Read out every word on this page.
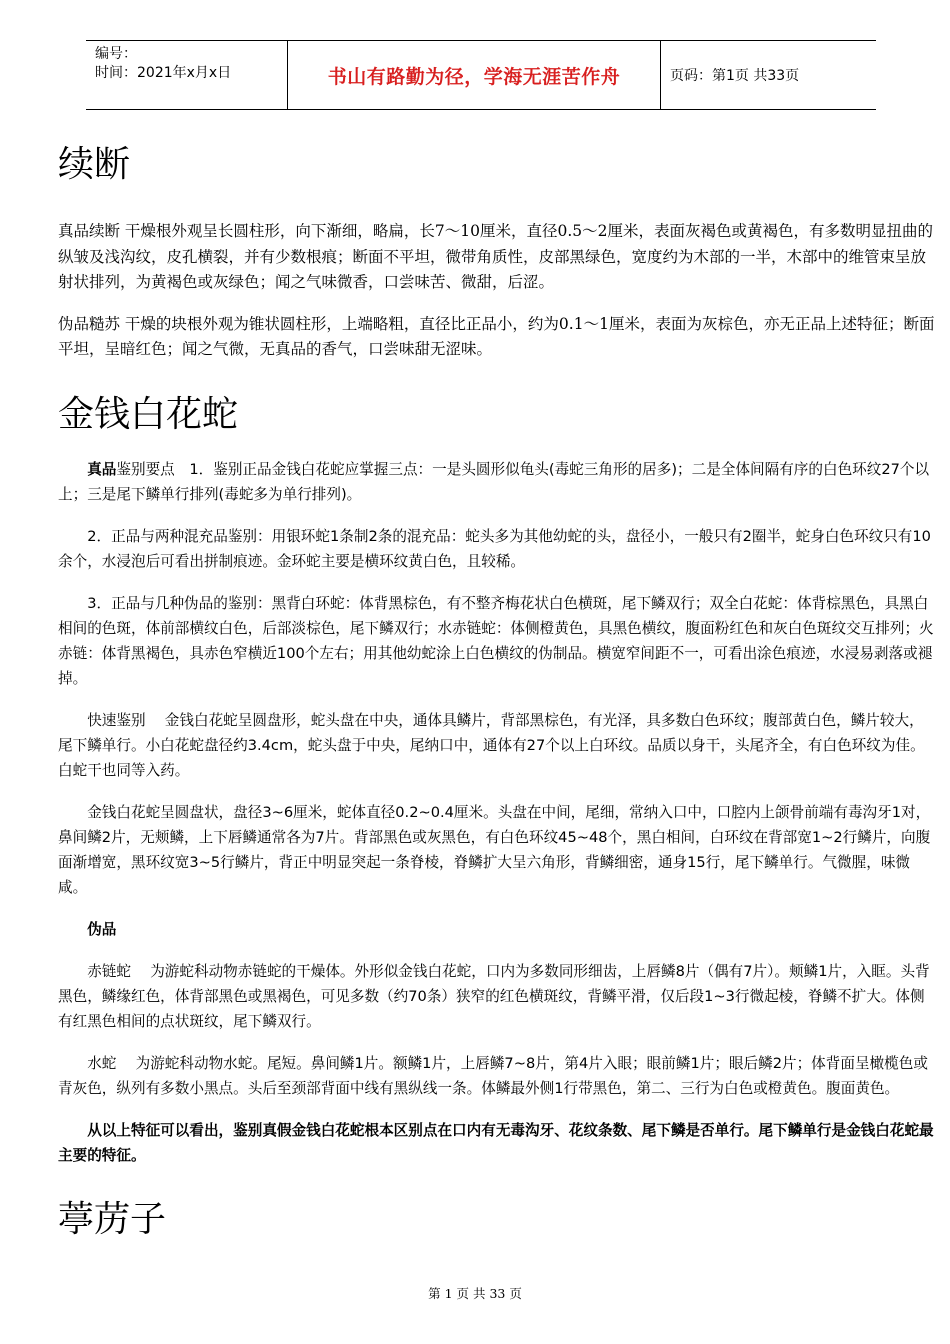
编号：
时间：2021年x月x日	书山有路勤为径，学海无涯苦作舟	页码：第1页 共33页
续断

真品续断 干燥根外观呈长圆柱形，向下渐细，略扁，长7～10厘米，直径0.5～2厘米，表面灰褐色或黄褐色，有多数明显扭曲的纵皱及浅沟纹，皮孔横裂，并有少数根痕；断面不平坦，微带角质性，皮部黑绿色，宽度约为木部的一半，木部中的维管束呈放射状排列，为黄褐色或灰绿色；闻之气味微香，口尝味苦、微甜，后涩。

伪品糙苏 干燥的块根外观为锥状圆柱形，上端略粗，直径比正品小，约为0.1～1厘米，表面为灰棕色，亦无正品上述特征；断面平坦，呈暗红色；闻之气微，无真品的香气，口尝味甜无涩味。

金钱白花蛇

真品鉴别要点　1．鉴别正品金钱白花蛇应掌握三点：一是头圆形似龟头(毒蛇三角形的居多)；二是全体间隔有序的白色环纹27个以上；三是尾下鳞单行排列(毒蛇多为单行排列)。

2．正品与两种混充品鉴别：用银环蛇1条制2条的混充品：蛇头多为其他幼蛇的头，盘径小，一般只有2圈半，蛇身白色环纹只有10余个，水浸泡后可看出拼制痕迹。金环蛇主要是横环纹黄白色，且较稀。

3．正品与几种伪品的鉴别：黑背白环蛇：体背黑棕色，有不整齐梅花状白色横斑，尾下鳞双行；双全白花蛇：体背棕黑色，具黑白相间的色斑，体前部横纹白色，后部淡棕色，尾下鳞双行；水赤链蛇：体侧橙黄色，具黑色横纹，腹面粉红色和灰白色斑纹交互排列；火赤链：体背黑褐色，具赤色窄横近100个左右；用其他幼蛇涂上白色横纹的伪制品。横宽窄间距不一，可看出涂色痕迹，水浸易剥落或褪掉。

快速鉴别　 金钱白花蛇呈圆盘形，蛇头盘在中央，通体具鳞片，背部黑棕色，有光泽，具多数白色环纹；腹部黄白色，鳞片较大，尾下鳞单行。小白花蛇盘径约3.4cm，蛇头盘于中央，尾纳口中，通体有27个以上白环纹。品质以身干，头尾齐全，有白色环纹为佳。白蛇干也同等入药。

金钱白花蛇呈圆盘状，盘径3~6厘米，蛇体直径0.2~0.4厘米。头盘在中间，尾细，常纳入口中，口腔内上颌骨前端有毒沟牙1对，鼻间鳞2片，无颊鳞，上下唇鳞通常各为7片。背部黑色或灰黑色，有白色环纹45~48个，黑白相间，白环纹在背部宽1~2行鳞片，向腹面渐增宽，黑环纹宽3~5行鳞片，背正中明显突起一条脊棱，脊鳞扩大呈六角形，背鳞细密，通身15行，尾下鳞单行。气微腥，味微咸。

伪品

赤链蛇　 为游蛇科动物赤链蛇的干燥体。外形似金钱白花蛇，口内为多数同形细齿，上唇鳞8片（偶有7片）。颊鳞1片，入眶。头背黑色，鳞缘红色，体背部黑色或黑褐色，可见多数（约70条）狭窄的红色横斑纹，背鳞平滑，仅后段1~3行微起棱，脊鳞不扩大。体侧有红黑色相间的点状斑纹，尾下鳞双行。

水蛇　 为游蛇科动物水蛇。尾短。鼻间鳞1片。额鳞1片，上唇鳞7~8片，第4片入眼；眼前鳞1片；眼后鳞2片；体背面呈橄榄色或青灰色，纵列有多数小黑点。头后至颈部背面中线有黑纵线一条。体鳞最外侧1行带黑色，第二、三行为白色或橙黄色。腹面黄色。

从以上特征可以看出，鉴别真假金钱白花蛇根本区别点在口内有无毒沟牙、花纹条数、尾下鳞是否单行。尾下鳞单行是金钱白花蛇最主要的特征。

葶苈子
第 1 页 共 33 页
